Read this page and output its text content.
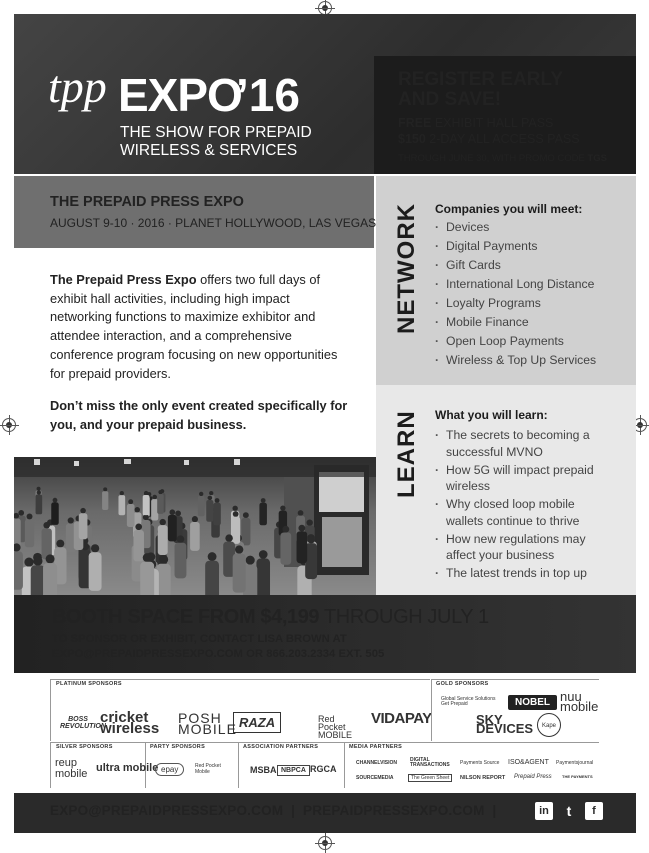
tpp EXPO
’16
THE SHOW FOR PREPAID WIRELESS & SERVICES
REGISTER EARLY AND SAVE!
FREE EXHIBIT HALL PASS
$150 2-DAY ALL ACCESS PASS
THROUGH JUNE 30, WITH PROMO CODE TGS
THE PREPAID PRESS EXPO
AUGUST 9-10 · 2016 · PLANET HOLLYWOOD, LAS VEGAS
The Prepaid Press Expo offers two full days of exhibit hall activities, including high impact networking functions to maximize exhibitor and attendee interaction, and a comprehensive conference program focusing on new opportunities for prepaid providers.
Don’t miss the only event created specifically for you, and your prepaid business.
NETWORK Companies you will meet:
· Devices
· Digital Payments
· Gift Cards
· International Long Distance
· Loyalty Programs
· Mobile Finance
· Open Loop Payments
· Wireless & Top Up Services
LEARN What you will learn:
· The secrets to becoming a successful MVNO
· How 5G will impact prepaid wireless
· Why closed loop mobile wallets continue to thrive
· How new regulations may affect your business
· The latest trends in top up
BOOTH SPACE FROM $4,199 THROUGH JULY 1
TO SPONSOR OR EXHIBIT, CONTACT LISA BROWN AT
EXPO@PREPAIDPRESSEXPO.COM OR 866.203.2334 EXT. 505
PLATINUM SPONSORS
BOSS REVOLUTION
cricket wireless
POSH MOBILE RAZA	Red Pocket MOBILE
VIDAPAY
GOLD SPONSORS
Global Service Solutions Get Prepaid	NOBEL nuu mobile
SKY DEVICES	Kape
SILVER SPONSORS
reup mobile ultra mobile
PARTY SPONSORS
epay	Red Pocket Mobile
ASSOCIATION PARTNERS
MSBA NBPCA RGCA
MEDIA PARTNERS
CHANNELVISION	DIGITAL TRANSACTIONS Payments Source ISO&AGENT Paymentsjournal
SOURCEMEDIA	The Green Sheet	NILSON REPORT Prepaid Press	THE PAYMENTS
EXPO@PREPAIDPRESSEXPO.COM  |  PREPAIDPRESSEXPO.COM  |	in	t	f
